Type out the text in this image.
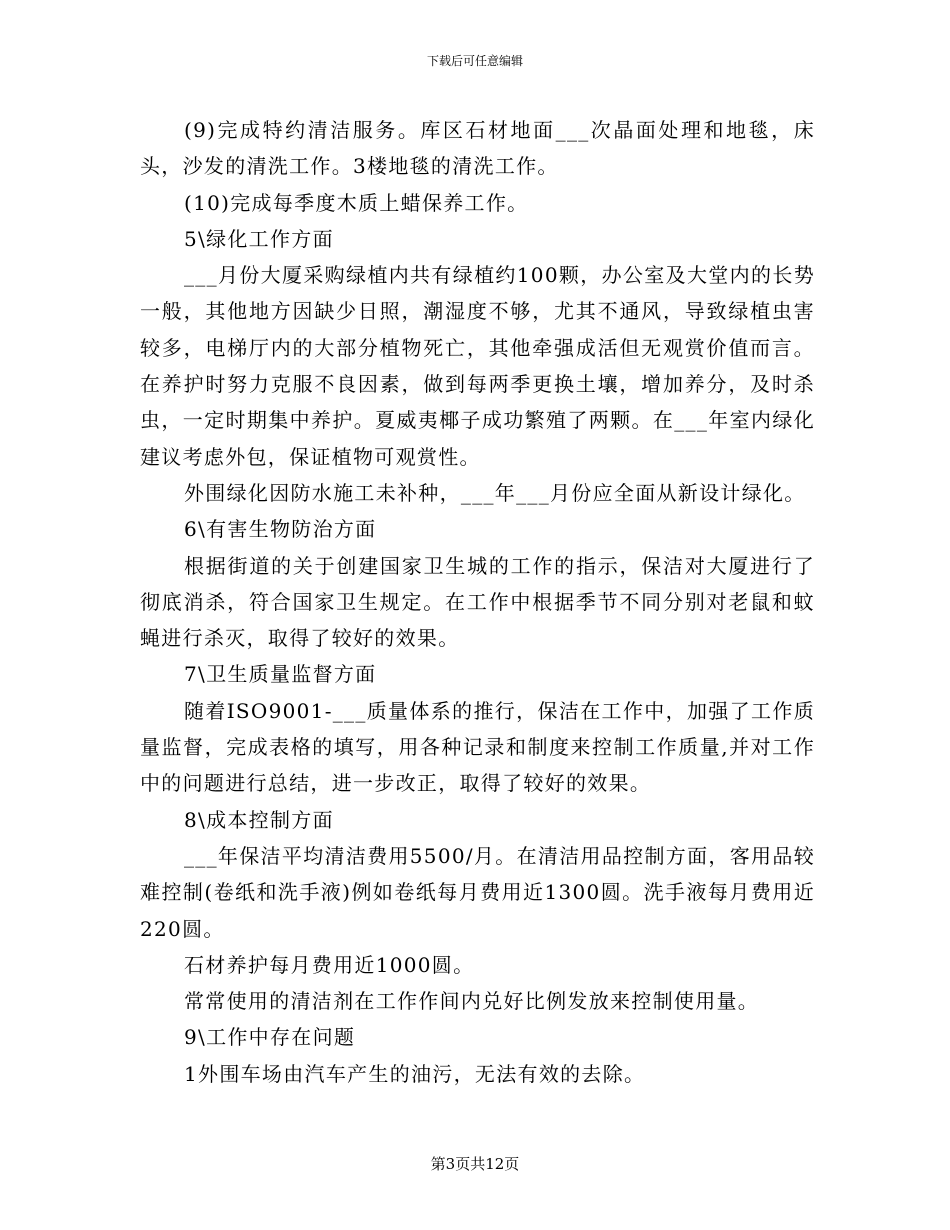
下载后可任意编辑

(9)完成特约清洁服务。库区石材地面___次晶面处理和地毯，床头，沙发的清洗工作。3楼地毯的清洗工作。

(10)完成每季度木质上蜡保养工作。

5\绿化工作方面

___月份大厦采购绿植内共有绿植约100颗，办公室及大堂内的长势一般，其他地方因缺少日照，潮湿度不够，尤其不通风，导致绿植虫害较多，电梯厅内的大部分植物死亡，其他牵强成活但无观赏价值而言。在养护时努力克服不良因素，做到每两季更换土壤，增加养分，及时杀虫，一定时期集中养护。夏威夷椰子成功繁殖了两颗。在___年室内绿化建议考虑外包，保证植物可观赏性。

外围绿化因防水施工未补种，___年___月份应全面从新设计绿化。

6\有害生物防治方面

根据街道的关于创建国家卫生城的工作的指示，保洁对大厦进行了彻底消杀，符合国家卫生规定。在工作中根据季节不同分别对老鼠和蚊蝇进行杀灭，取得了较好的效果。

7\卫生质量监督方面

随着ISO9001-___质量体系的推行，保洁在工作中，加强了工作质量监督，完成表格的填写，用各种记录和制度来控制工作质量,并对工作中的问题进行总结，进一步改正，取得了较好的效果。

8\成本控制方面

___年保洁平均清洁费用5500/月。在清洁用品控制方面，客用品较难控制(卷纸和洗手液)例如卷纸每月费用近1300圆。洗手液每月费用近220圆。

石材养护每月费用近1000圆。

常常使用的清洁剂在工作作间内兑好比例发放来控制使用量。

9\工作中存在问题

1外围车场由汽车产生的油污，无法有效的去除。

第3页共12页
